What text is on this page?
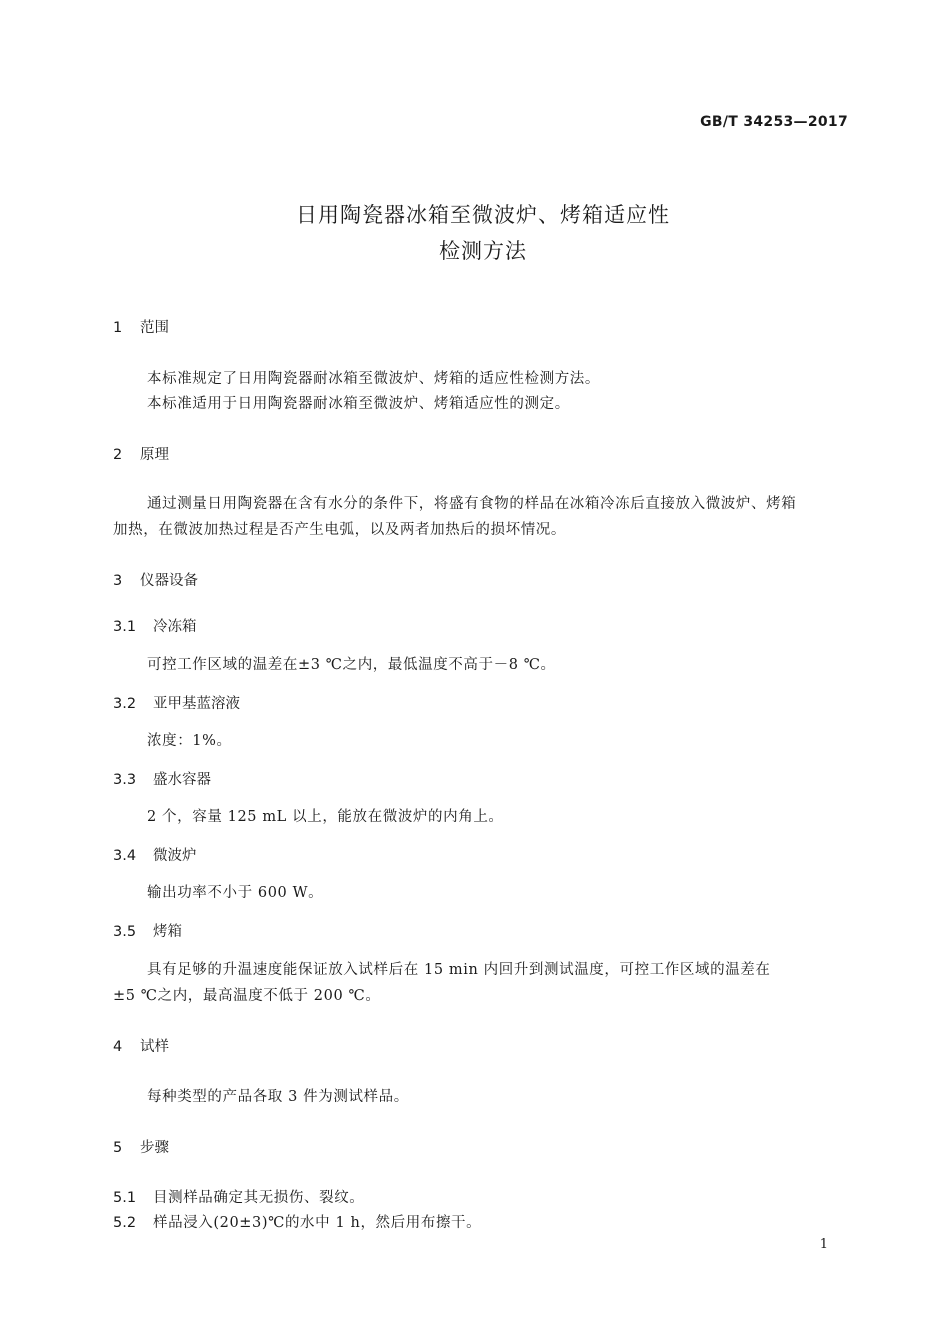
GB/T 34253—2017
日用陶瓷器冰箱至微波炉、烤箱适应性
检测方法
1 范围
本标准规定了日用陶瓷器耐冰箱至微波炉、烤箱的适应性检测方法。
本标准适用于日用陶瓷器耐冰箱至微波炉、烤箱适应性的测定。
2 原理
通过测量日用陶瓷器在含有水分的条件下，将盛有食物的样品在冰箱冷冻后直接放入微波炉、烤箱
加热，在微波加热过程是否产生电弧，以及两者加热后的损坏情况。
3 仪器设备
3.1 冷冻箱
可控工作区域的温差在±3 ℃之内，最低温度不高于－8 ℃。
3.2 亚甲基蓝溶液
浓度：1%。
3.3 盛水容器
2 个，容量 125 mL 以上，能放在微波炉的内角上。
3.4 微波炉
输出功率不小于 600 W。
3.5 烤箱
具有足够的升温速度能保证放入试样后在 15 min 内回升到测试温度，可控工作区域的温差在
±5 ℃之内，最高温度不低于 200 ℃。
4 试样
每种类型的产品各取 3 件为测试样品。
5 步骤
5.1 目测样品确定其无损伤、裂纹。
5.2 样品浸入(20±3)℃的水中 1 h，然后用布擦干。
1
